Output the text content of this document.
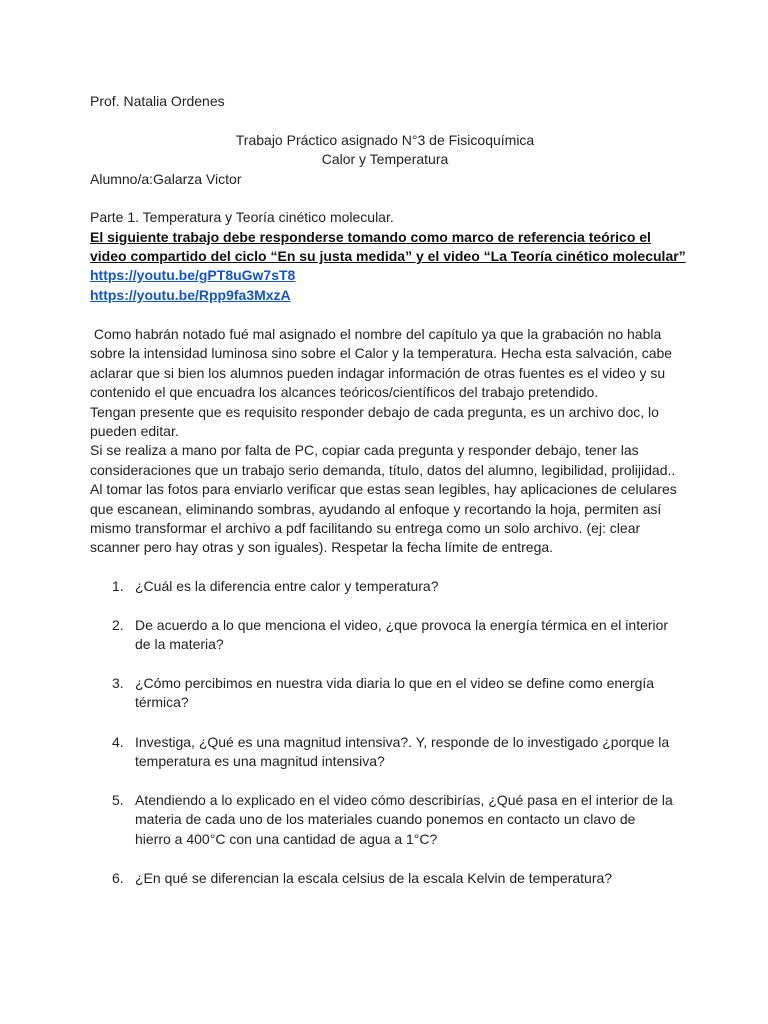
Prof. Natalia Ordenes
Trabajo Práctico asignado N°3 de Fisicoquímica
Calor y Temperatura
Alumno/a:Galarza Victor
Parte 1. Temperatura y Teoría cinético molecular.
El siguiente trabajo debe responderse tomando como marco de referencia teórico el
video compartido del ciclo “En su justa medida” y el video “La Teoría cinético molecular”
https://youtu.be/gPT8uGw7sT8
https://youtu.be/Rpp9fa3MxzA

Como habrán notado fué mal asignado el nombre del capítulo ya que la grabación no habla sobre la intensidad luminosa sino sobre el Calor y la temperatura. Hecha esta salvación, cabe aclarar que si bien los alumnos pueden indagar información de otras fuentes es el video y su contenido el que encuadra los alcances teóricos/científicos del trabajo pretendido.

Tengan presente que es requisito responder debajo de cada pregunta, es un archivo doc, lo pueden editar.

Si se realiza a mano por falta de PC, copiar cada pregunta y responder debajo, tener las consideraciones que un trabajo serio demanda, título, datos del alumno, legibilidad, prolijidad.. Al tomar las fotos para enviarlo verificar que estas sean legibles, hay aplicaciones de celulares que escanean, eliminando sombras, ayudando al enfoque y recortando la hoja, permiten así mismo transformar el archivo a pdf facilitando su entrega como un solo archivo. (ej: clear scanner pero hay otras y son iguales). Respetar la fecha límite de entrega.

1. ¿Cuál es la diferencia entre calor y temperatura?
2. De acuerdo a lo que menciona el video, ¿que provoca la energía térmica en el interior de la materia?
3. ¿Cómo percibimos en nuestra vida diaria lo que en el video se define como energía térmica?
4. Investiga, ¿Qué es una magnitud intensiva?. Y, responde de lo investigado ¿porque la temperatura es una magnitud intensiva?
5. Atendiendo a lo explicado en el video cómo describirías, ¿Qué pasa en el interior de la materia de cada uno de los materiales cuando ponemos en contacto un clavo de hierro a 400°C con una cantidad de agua a 1°C?
6. ¿En qué se diferencian la escala celsius de la escala Kelvin de temperatura?
